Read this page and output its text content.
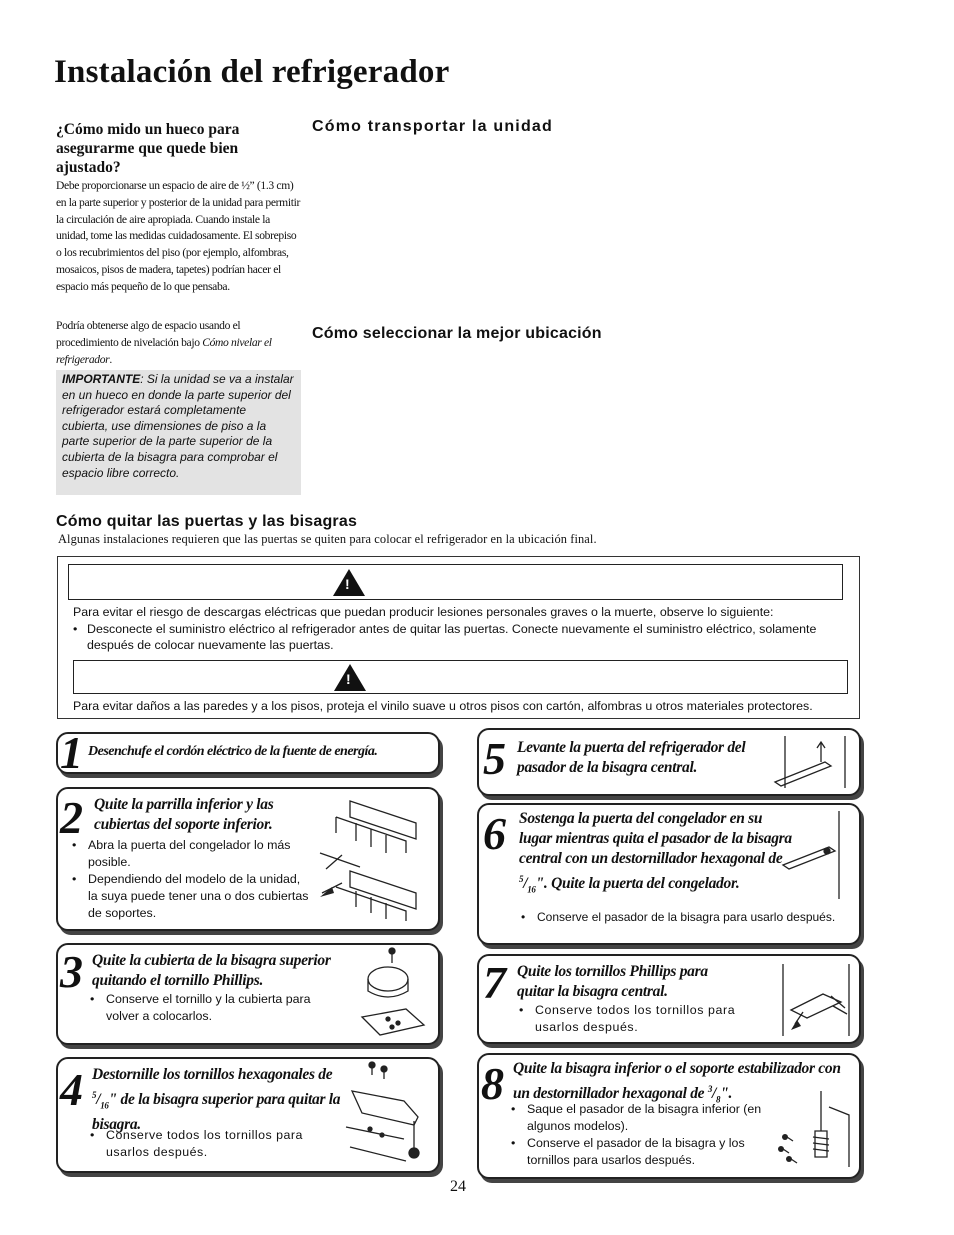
Instalación del refrigerador
¿Cómo mido un hueco para asegurarme que quede bien ajustado?
Debe proporcionarse un espacio de aire de ½” (1.3 cm) en la parte superior y posterior de la unidad para permitir la circulación de aire apropiada. Cuando instale la unidad, tome las medidas cuidadosamente. El sobrepiso o los recubrimientos del piso (por ejemplo, alfombras, mosaicos, pisos de madera, tapetes) podrían hacer el espacio más pequeño de lo que pensaba.
Podría obtenerse algo de espacio usando el procedimiento de nivelación bajo Cómo nivelar el refrigerador.
IMPORTANTE: Si la unidad se va a instalar en un hueco en donde la parte superior del refrigerador estará completamente cubierta, use dimensiones de piso a la parte superior de la parte superior de la cubierta de la bisagra para comprobar el espacio libre correcto.
Cómo transportar la unidad
Cómo seleccionar la mejor ubicación
Cómo quitar las puertas y las bisagras
Algunas instalaciones requieren que las puertas se quiten para colocar el refrigerador en la ubicación final.
!
Para evitar el riesgo de descargas eléctricas que puedan producir lesiones personales graves o la muerte, observe lo siguiente:
• Desconecte el suministro eléctrico al refrigerador antes de quitar las puertas. Conecte nuevamente el suministro eléctrico, solamente después de colocar nuevamente las puertas.
!
Para evitar daños a las paredes y a los pisos, proteja el vinilo suave u otros pisos con cartón, alfombras u otros materiales protectores.
1 Desenchufe el cordón eléctrico de la fuente de energía.
2 Quite la parrilla inferior y las cubiertas del soporte inferior.
• Abra la puerta del congelador lo más posible.
• Dependiendo del modelo de la unidad, la suya puede tener una o dos cubiertas de soportes.
3 Quite la cubierta de la bisagra superior quitando el tornillo Phillips.
• Conserve el tornillo y la cubierta para volver a colocarlos.
4 Destornille los tornillos hexagonales de $^5/_{16}$" de la bisagra superior para quitar la bisagra.
• Conserve todos los tornillos para usarlos después.
5 Levante la puerta del refrigerador del pasador de la bisagra central.
6 Sostenga la puerta del congelador en su lugar mientras quita el pasador de la bisagra central con un destornillador hexagonal de $^5/_{16}$". Quite la puerta del congelador.
• Conserve el pasador de la bisagra para usarlo después.
7 Quite los tornillos Phillips para quitar la bisagra central.
• Conserve todos los tornillos para usarlos después.
8 Quite la bisagra inferior o el soporte estabilizador con un destornillador hexagonal de $^3/_8$".
• Saque el pasador de la bisagra inferior (en algunos modelos).
• Conserve el pasador de la bisagra y los tornillos para usarlos después.
24
